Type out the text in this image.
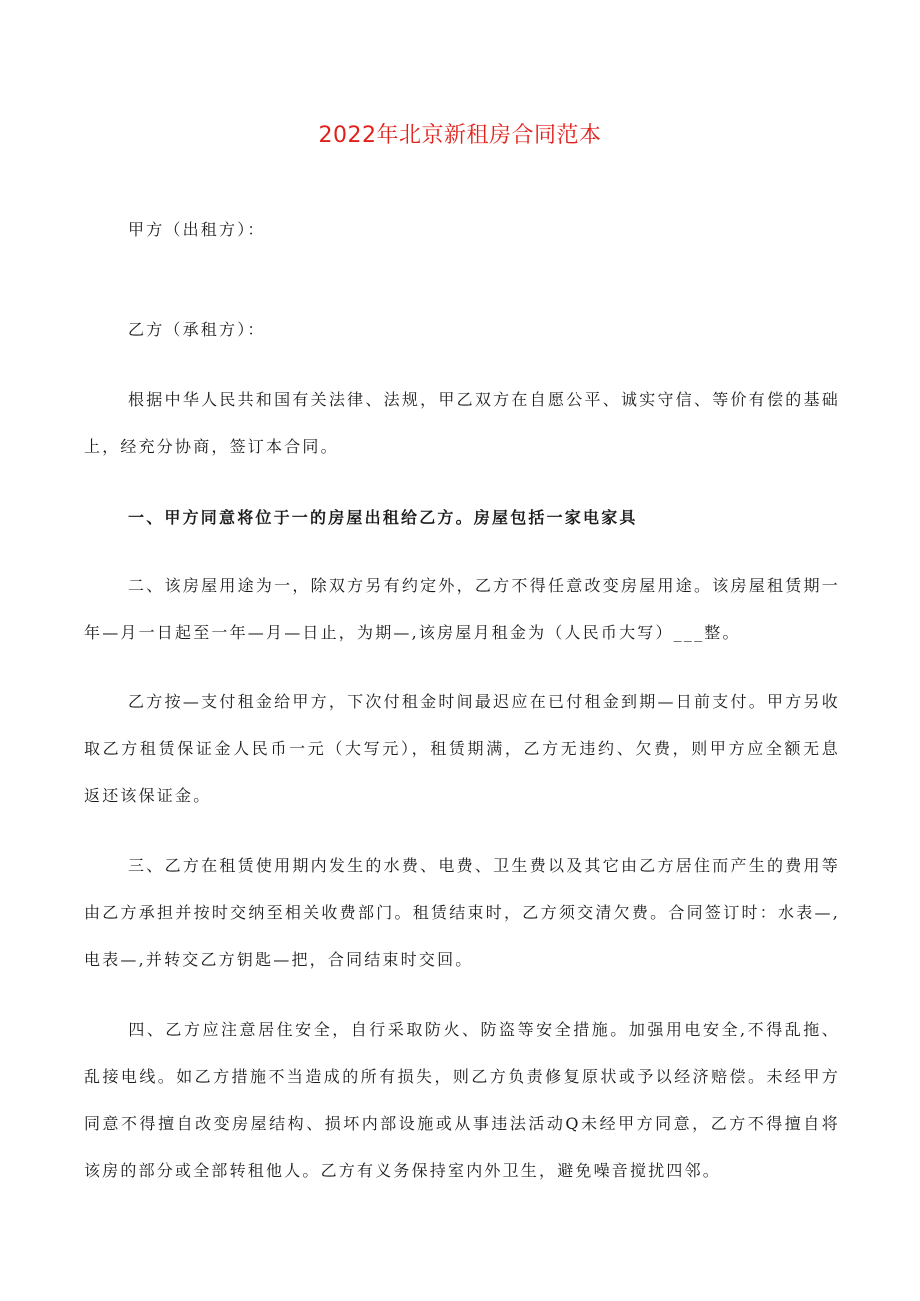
2022年北京新租房合同范本
甲方（出租方）：
乙方（承租方）：
根据中华人民共和国有关法律、法规，甲乙双方在自愿公平、诚实守信、等价有偿的基础上，经充分协商，签订本合同。
一、甲方同意将位于一的房屋出租给乙方。房屋包括一家电家具
二、该房屋用途为一，除双方另有约定外，乙方不得任意改变房屋用途。该房屋租赁期一年—月一日起至一年—月—日止，为期—,该房屋月租金为（人民币大写）___整。
乙方按—支付租金给甲方，下次付租金时间最迟应在已付租金到期—日前支付。甲方另收取乙方租赁保证金人民币一元（大写元），租赁期满，乙方无违约、欠费，则甲方应全额无息返还该保证金。
三、乙方在租赁使用期内发生的水费、电费、卫生费以及其它由乙方居住而产生的费用等由乙方承担并按时交纳至相关收费部门。租赁结束时，乙方须交清欠费。合同签订时：水表—,电表—,并转交乙方钥匙—把，合同结束时交回。
四、乙方应注意居住安全，自行采取防火、防盗等安全措施。加强用电安全,不得乱拖、乱接电线。如乙方措施不当造成的所有损失，则乙方负责修复原状或予以经济赔偿。未经甲方同意不得擅自改变房屋结构、损坏内部设施或从事违法活动Q未经甲方同意，乙方不得擅自将该房的部分或全部转租他人。乙方有义务保持室内外卫生，避免噪音搅扰四邻。
